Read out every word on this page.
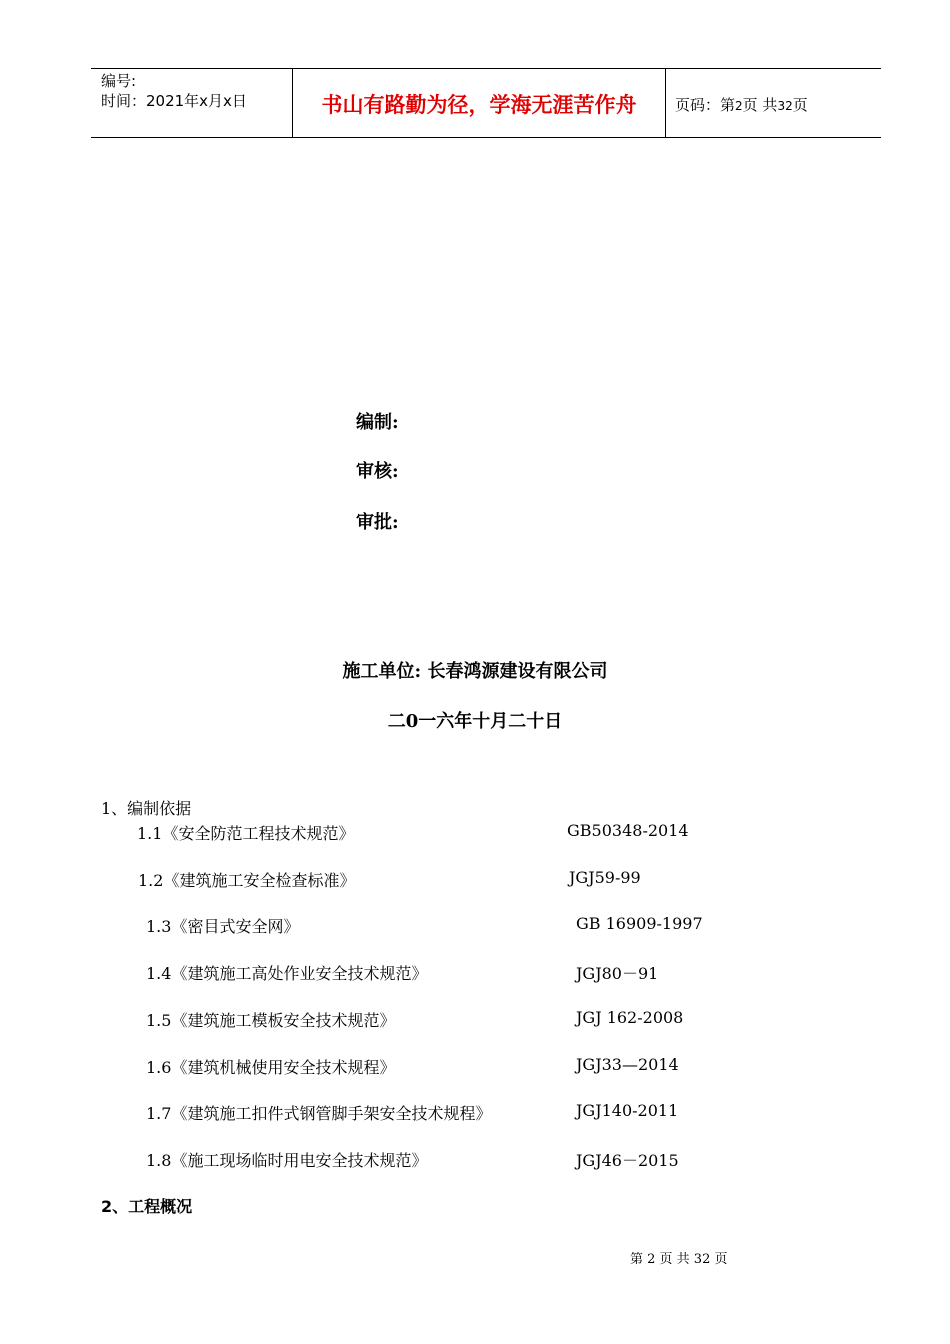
编号:
时间：2021年x月x日	书山有路勤为径，学海无涯苦作舟	页码：第2页 共32页
编制:
审核:
审批:
施工单位: 长春鸿源建设有限公司
二0一六年十月二十日
1、编制依据
1.1《安全防范工程技术规范》	GB50348-2014
1.2《建筑施工安全检查标准》	JGJ59-99
1.3《密目式安全网》	GB 16909-1997
1.4《建筑施工高处作业安全技术规范》	JGJ80－91
1.5《建筑施工模板安全技术规范》	JGJ 162-2008
1.6《建筑机械使用安全技术规程》	JGJ33—2014
1.7《建筑施工扣件式钢管脚手架安全技术规程》	JGJ140-2011
1.8《施工现场临时用电安全技术规范》	JGJ46－2015
2、工程概况
第 2 页 共 32 页
